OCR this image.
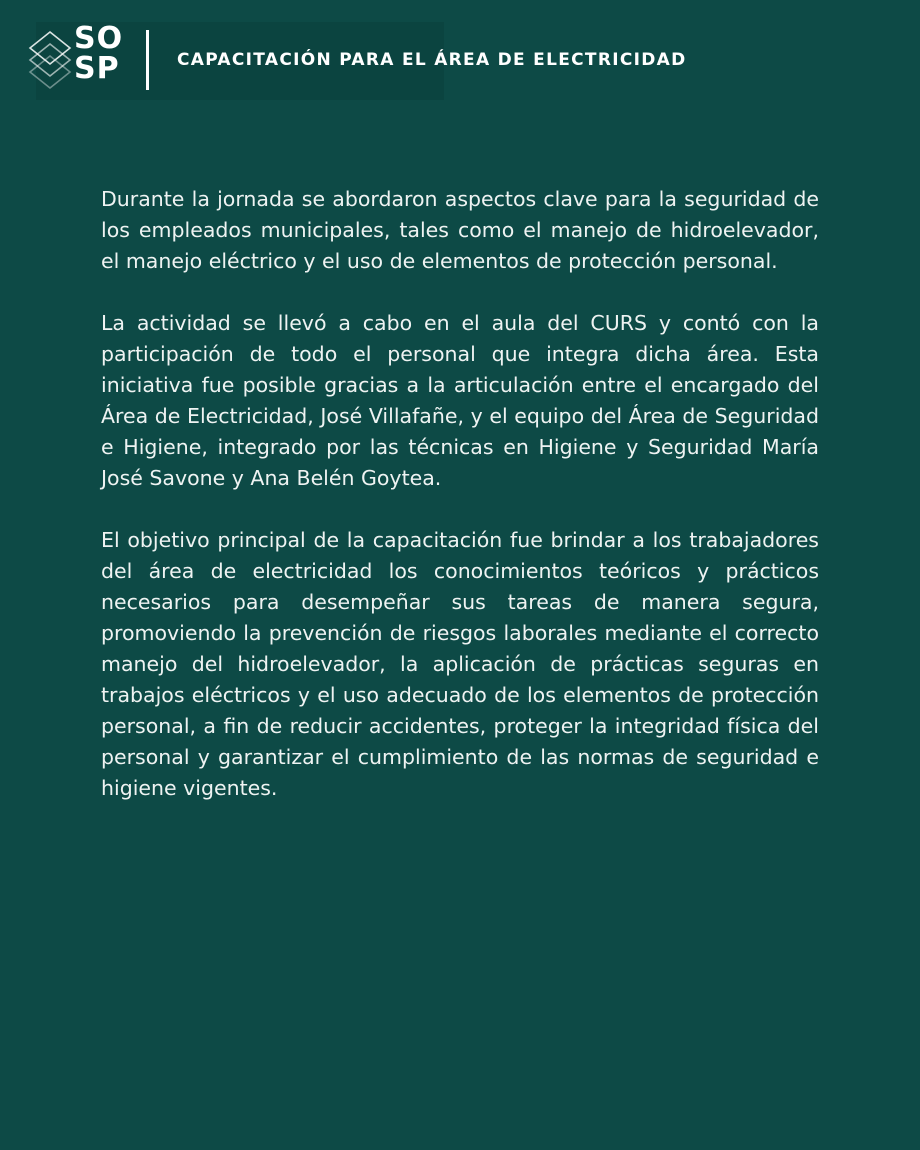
SO
SP	CAPACITACIÓN PARA EL ÁREA DE ELECTRICIDAD

Durante la jornada se abordaron aspectos clave para la seguridad de los empleados municipales, tales como el manejo de hidroelevador, el manejo eléctrico y el uso de elementos de protección personal.

La actividad se llevó a cabo en el aula del CURS y contó con la participación de todo el personal que integra dicha área. Esta iniciativa fue posible gracias a la articulación entre el encargado del Área de Electricidad, José Villafañe, y el equipo del Área de Seguridad e Higiene, integrado por las técnicas en Higiene y Seguridad María José Savone y Ana Belén Goytea.

El objetivo principal de la capacitación fue brindar a los trabajadores del área de electricidad los conocimientos teóricos y prácticos necesarios para desempeñar sus tareas de manera segura, promoviendo la prevención de riesgos laborales mediante el correcto manejo del hidroelevador, la aplicación de prácticas seguras en trabajos eléctricos y el uso adecuado de los elementos de protección personal, a fin de reducir accidentes, proteger la integridad física del personal y garantizar el cumplimiento de las normas de seguridad e higiene vigentes.
